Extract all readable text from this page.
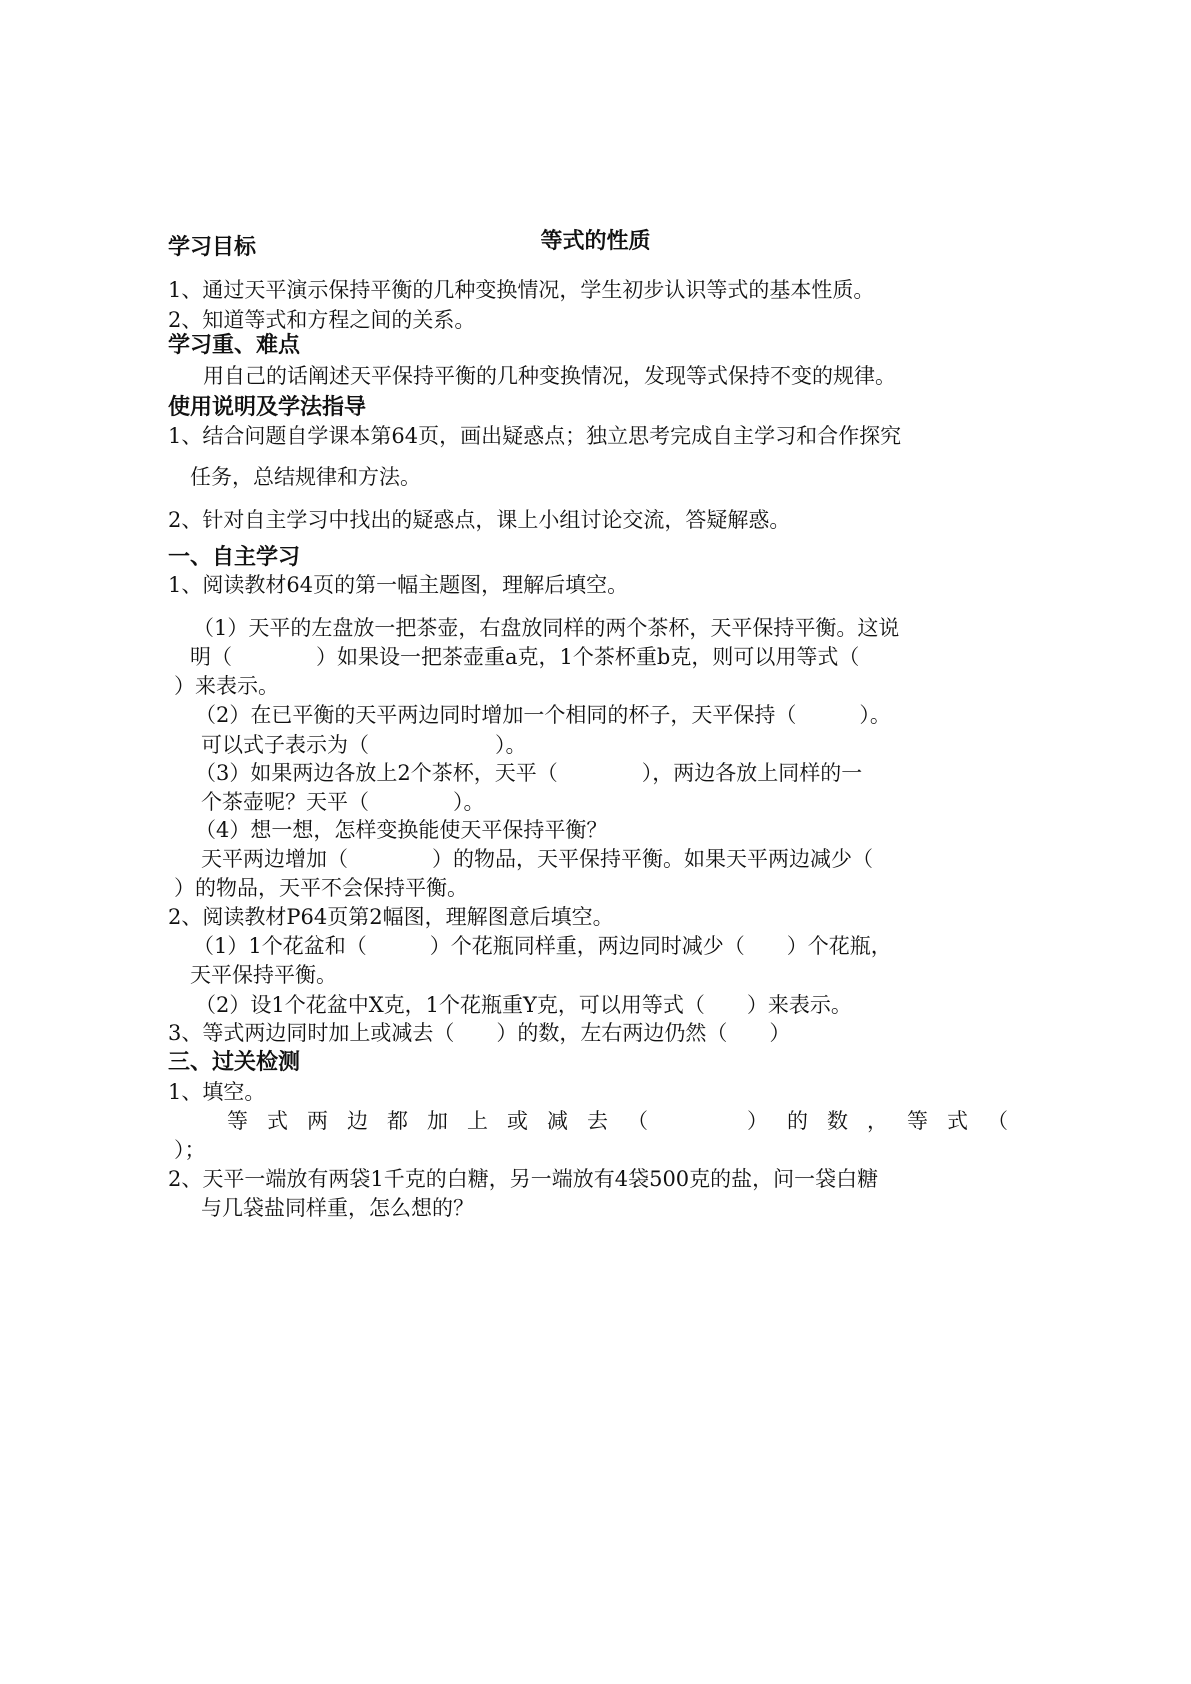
等式的性质
学习目标
1、通过天平演示保持平衡的几种变换情况，学生初步认识等式的基本性质。
2、知道等式和方程之间的关系。
学习重、难点
用自己的话阐述天平保持平衡的几种变换情况，发现等式保持不变的规律。
使用说明及学法指导
1、结合问题自学课本第64页，画出疑惑点；独立思考完成自主学习和合作探究
任务，总结规律和方法。
2、针对自主学习中找出的疑惑点，课上小组讨论交流，答疑解惑。
一、自主学习
1、阅读教材64页的第一幅主题图，理解后填空。
（1）天平的左盘放一把茶壶，右盘放同样的两个茶杯，天平保持平衡。这说
明（　　　　）如果设一把茶壶重a克，1个茶杯重b克，则可以用等式（
）来表示。
（2）在已平衡的天平两边同时增加一个相同的杯子，天平保持（　　　）。
可以式子表示为（　　　　　　）。
（3）如果两边各放上2个茶杯，天平（　　　　），两边各放上同样的一
个茶壶呢？天平（　　　　）。
（4）想一想，怎样变换能使天平保持平衡？
天平两边增加（　　　　）的物品，天平保持平衡。如果天平两边减少（
）的物品，天平不会保持平衡。
2、阅读教材P64页第2幅图，理解图意后填空。
（1）1个花盆和（　　　）个花瓶同样重，两边同时减少（　　）个花瓶，
天平保持平衡。
（2）设1个花盆中X克，1个花瓶重Y克，可以用等式（　　）来表示。
3、等式两边同时加上或减去（　　）的数，左右两边仍然（　　）
三、过关检测
1、填空。
等式两边都加上或减去（　　）的数，等式（
）；
2、天平一端放有两袋1千克的白糖，另一端放有4袋500克的盐，问一袋白糖
与几袋盐同样重，怎么想的？
